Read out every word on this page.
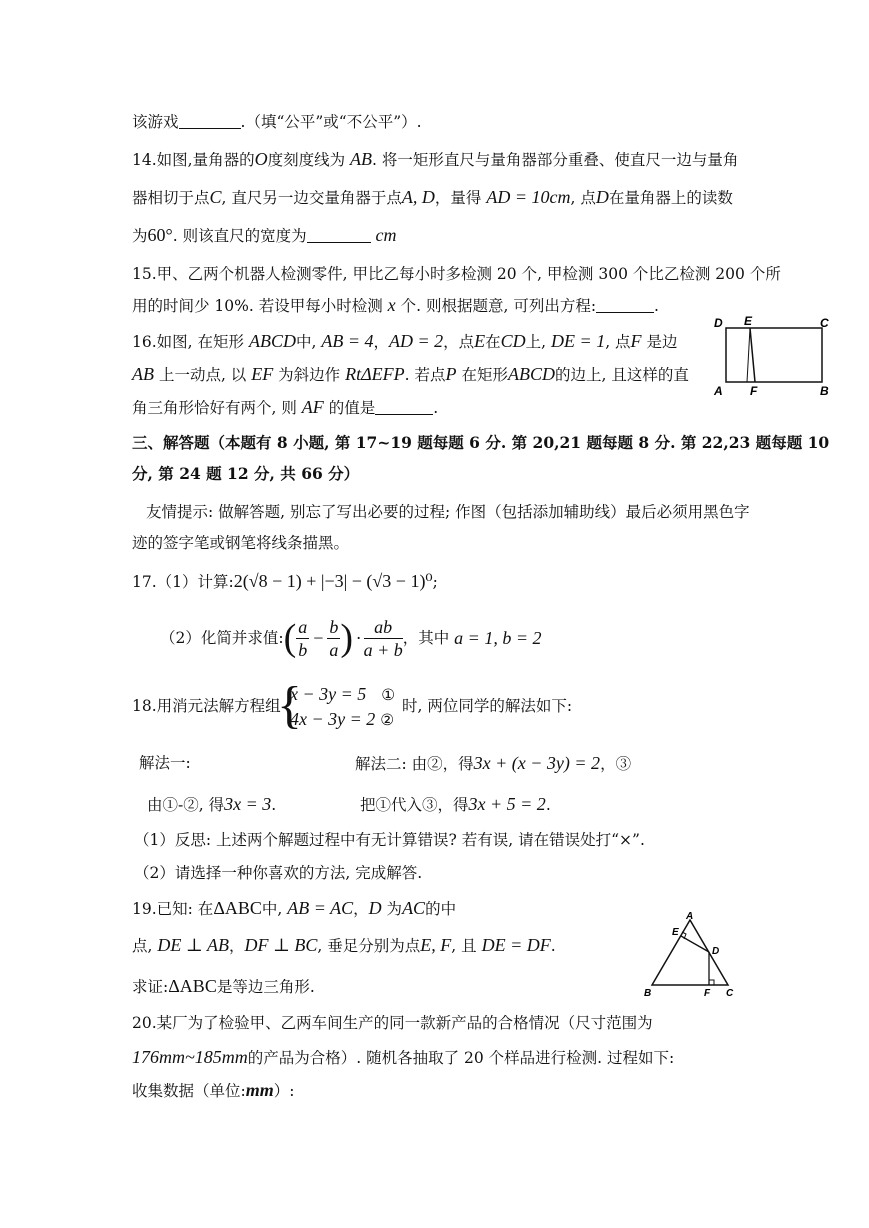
该游戏	.（填“公平”或“不公平”）.
14.如图,量角器的O度刻度线为 AB. 将一矩形直尺与量角器部分重叠、使直尺一边与量角
器相切于点C, 直尺另一边交量角器于点A, D，量得 AD = 10cm, 点D在量角器上的读数
为60°. 则该直尺的宽度为	cm
15.甲、乙两个机器人检测零件, 甲比乙每小时多检测 20 个, 甲检测 300 个比乙检测 200 个所
用的时间少 10%. 若设甲每小时检测 x 个. 则根据题意, 可列出方程:	.
16.如图, 在矩形 ABCD中, AB = 4，AD = 2，点E在CD上, DE = 1, 点F 是边
AB 上一动点, 以 EF 为斜边作 RtΔEFP. 若点P 在矩形ABCD的边上, 且这样的直
角三角形恰好有两个, 则 AF 的值是	.
D E	C
A F	B
三、解答题（本题有 8 小题, 第 17~19 题每题 6 分. 第 20,21 题每题 8 分. 第 22,23 题每题 10
分, 第 24 题 12 分, 共 66 分）
友情提示: 做解答题, 别忘了写出必要的过程; 作图（包括添加辅助线）最后必须用黑色字
迹的签字笔或钢笔将线条描黑。
17.（1）计算:2(√8 − 1) + |−3| − (√3 − 1)⁰;
（2）化简并求值:( $\frac{a}{b} - \frac{b}{a}$ ) · $\frac{ab}{a + b}$ ，其中 a = 1, b = 2
18.用消元法解方程组
{
x − 3y = 5 ①
4x − 3y = 2 ②
时, 两位同学的解法如下:
解法一:	解法二: 由②，得3x + (x − 3y) = 2，③
由①-②, 得3x = 3.	把①代入③，得3x + 5 = 2.
（1）反思: 上述两个解题过程中有无计算错误? 若有误, 请在错误处打“×”.
（2）请选择一种你喜欢的方法, 完成解答.
19.已知: 在ΔABC中, AB = AC，D 为AC的中
点, DE ⊥ AB，DF ⊥ BC, 垂足分别为点E, F, 且 DE = DF.
求证:ΔABC是等边三角形.
A
E
D
B	F C
20.某厂为了检验甲、乙两车间生产的同一款新产品的合格情况（尺寸范围为
176mm~185mm的产品为合格）. 随机各抽取了 20 个样品进行检测. 过程如下:
收集数据（单位:mm）:
